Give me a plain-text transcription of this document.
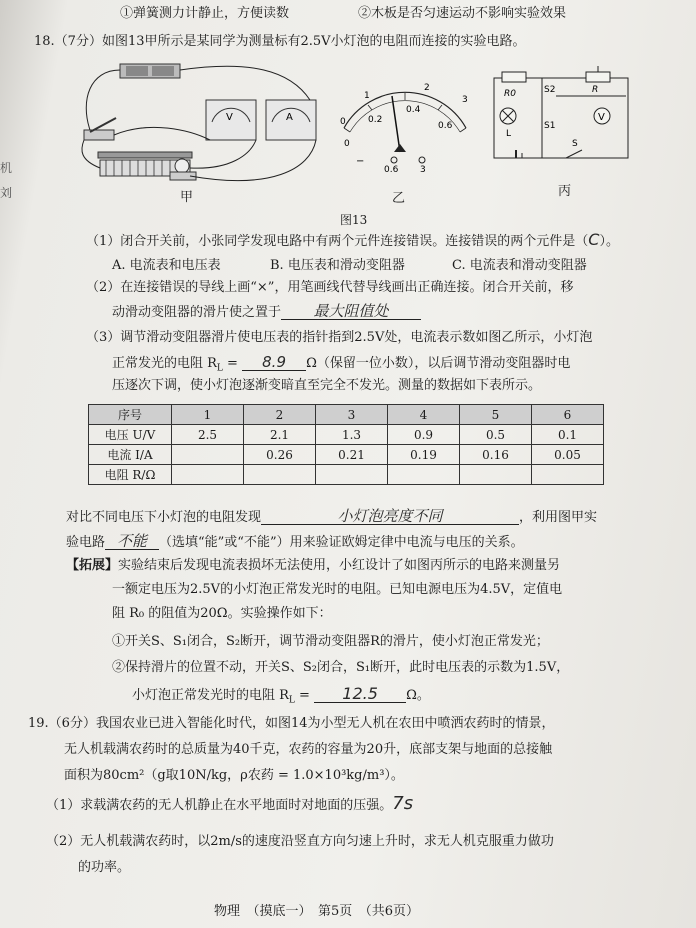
①弹簧测力计静止，方便读数	②木板是否匀速运动不影响实验效果
机
刘
18.（7分）如图13甲所示是某同学为测量标有2.5V小灯泡的电阻而连接的实验电路。
V	A
甲
0
1
2
3
0
0.2
0.4
0.6
−
0.6 3
乙
V
R0	S2	R
L
S1
S
丙
图13
（1）闭合开关前，小张同学发现电路中有两个元件连接错误。连接错误的两个元件是（C）。
A. 电流表和电压表	B. 电压表和滑动变阻器	C. 电流表和滑动变阻器
（2）在连接错误的导线上画“×”，用笔画线代替导线画出正确连接。闭合开关前，移
动滑动变阻器的滑片使之置于 最大阻值处
（3）调节滑动变阻器滑片使电压表的指针指到2.5V处，电流表示数如图乙所示，小灯泡
正常发光的电阻 $R_L = 8.9$ Ω（保留一位小数），以后调节滑动变阻器时电
压逐次下调，使小灯泡逐渐变暗直至完全不发光。测量的数据如下表所示。
序号	1	2	3	4	5	6
电压 U/V	2.5	2.1	1.3	0.9	0.5	0.1
电流 I/A		0.26	0.21	0.19	0.16	0.05
电阻 R/Ω						
对比不同电压下小灯泡的电阻发现	小灯泡亮度不同	，利用图甲实
验电路 不能 （选填“能”或“不能”）用来验证欧姆定律中电流与电压的关系。
【拓展】实验结束后发现电流表损坏无法使用，小红设计了如图丙所示的电路来测量另
一额定电压为2.5V的小灯泡正常发光时的电阻。已知电源电压为4.5V，定值电
阻 R₀ 的阻值为20Ω。实验操作如下：
①开关S、S₁闭合，S₂断开，调节滑动变阻器R的滑片，使小灯泡正常发光；
②保持滑片的位置不动，开关S、S₂闭合，S₁断开，此时电压表的示数为1.5V，
小灯泡正常发光时的电阻 $R_L = 12.5$ Ω。
19.（6分）我国农业已进入智能化时代，如图14为小型无人机在农田中喷洒农药时的情景，
无人机载满农药时的总质量为40千克，农药的容量为20升，底部支架与地面的总接触
面积为80cm²（g取10N/kg，ρ农药 = 1.0×10³kg/m³）。
（1）求载满农药的无人机静止在水平地面时对地面的压强。7s
（2）无人机载满农药时，以2m/s的速度沿竖直方向匀速上升时，求无人机克服重力做功
的功率。
物理　（摸底一）　第5页　（共6页）
